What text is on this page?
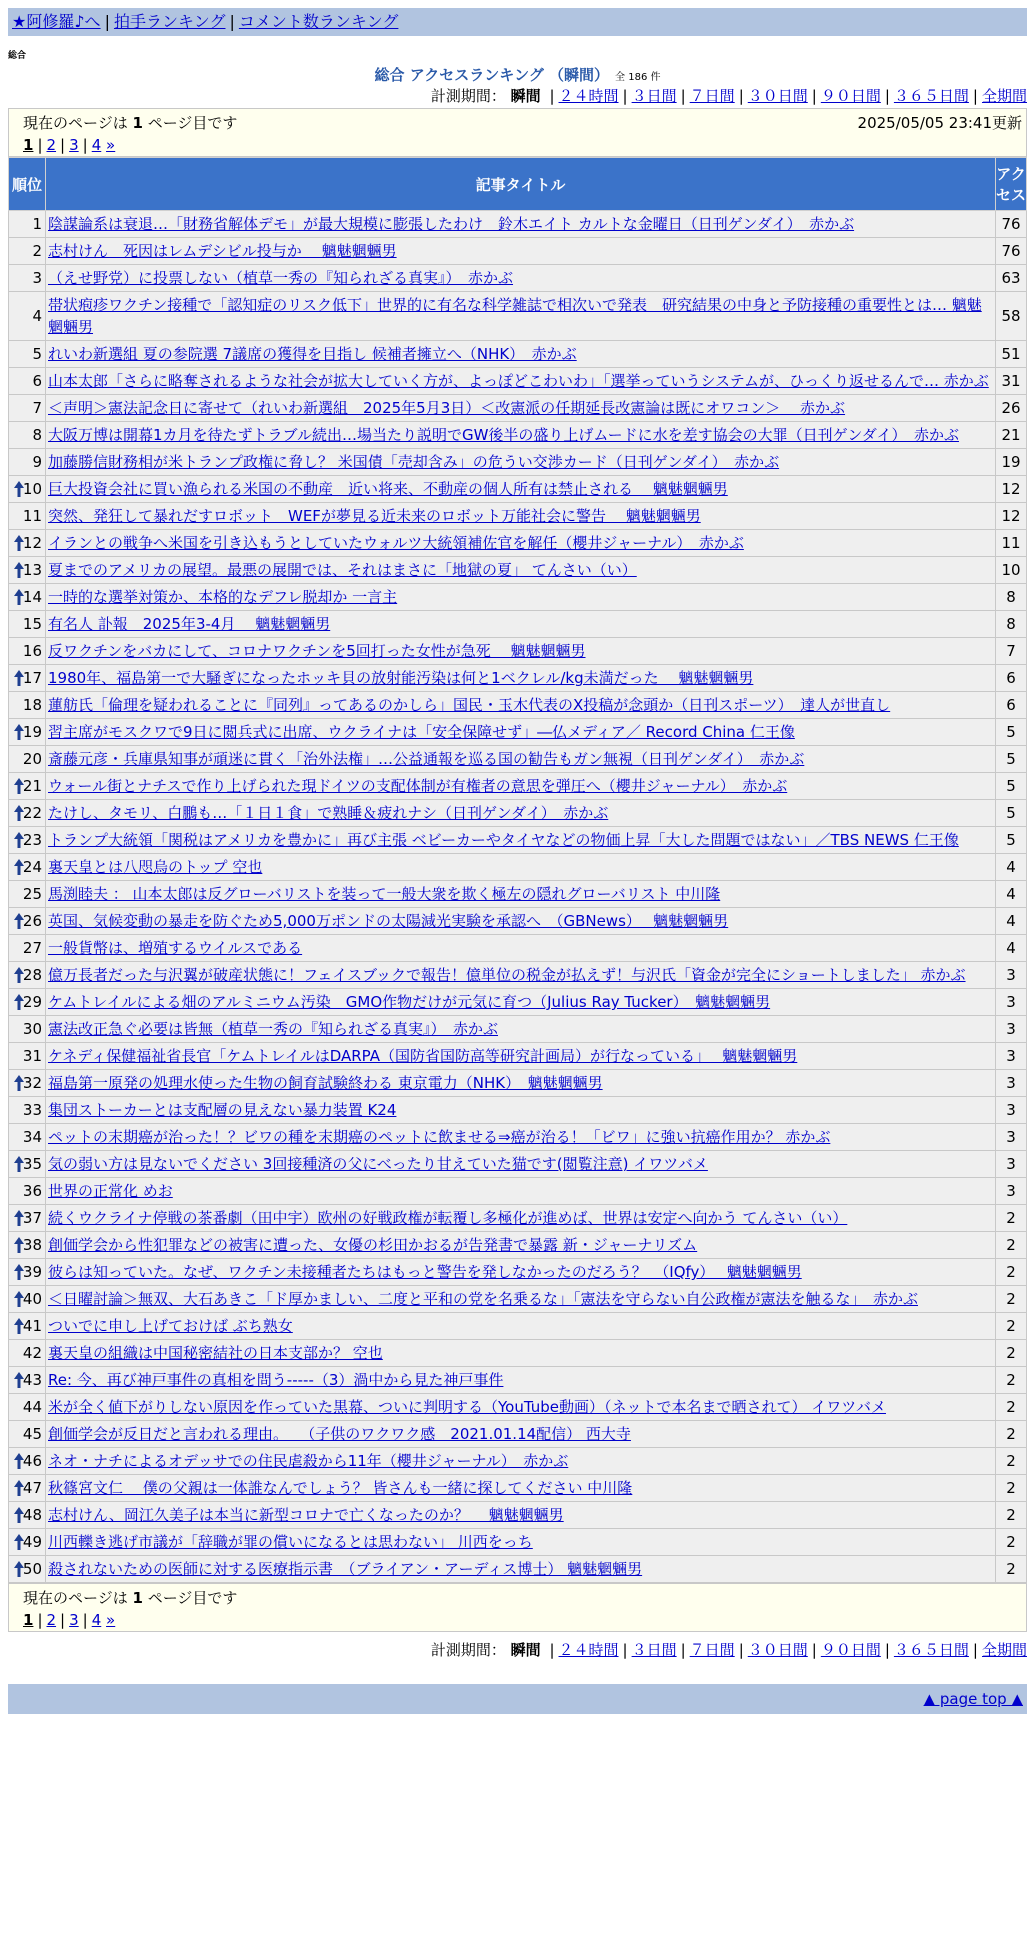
★阿修羅♪へ | 拍手ランキング | コメント数ランキング
総合
総合 アクセスランキング （瞬間） 全 186 件
計測期間： 瞬間 | ２４時間 | ３日間 | ７日間 | ３０日間 | ９０日間 | ３６５日間 | 全期間
現在のページは 1 ページ目です	2025/05/05 23:41更新
1 | 2 | 3 | 4 »
順位	記事タイトル	アクセス
1	陰謀論系は衰退…「財務省解体デモ」が最大規模に膨張したわけ　鈴木エイト カルトな金曜日（日刊ゲンダイ）　赤かぶ	76
2	志村けん　死因はレムデシビル投与か　 魑魅魍魎男	76
3	（えせ野党）に投票しない（植草一秀の『知られざる真実』）　赤かぶ	63
4	帯状疱疹ワクチン接種で「認知症のリスク低下」世界的に有名な科学雑誌で相次いで発表　研究結果の中身と予防接種の重要性とは… 魑魅魍魎男	58
5	れいわ新選組 夏の参院選 7議席の獲得を目指し 候補者擁立へ（NHK）　赤かぶ	51
6	山本太郎「さらに略奪されるような社会が拡大していく方が、よっぽどこわいわ」「選挙っていうシステムが、ひっくり返せるんで… 赤かぶ	31
7	＜声明＞憲法記念日に寄せて（れいわ新選組　2025年5月3日）＜改憲派の任期延長改憲論は既にオワコン＞　 赤かぶ	26
8	大阪万博は開幕1カ月を待たずトラブル続出…場当たり説明でGW後半の盛り上げムードに水を差す協会の大罪（日刊ゲンダイ）　赤かぶ	21
9	加藤勝信財務相が米トランプ政権に脅し？ 米国債「売却含み」の危うい交渉カード（日刊ゲンダイ）　赤かぶ	19

10	巨大投資会社に買い漁られる米国の不動産　近い将来、不動産の個人所有は禁止される　 魑魅魍魎男	12
11	突然、発狂して暴れだすロボット　WEFが夢見る近未来のロボット万能社会に警告　 魑魅魍魎男	12

12	イランとの戦争へ米国を引き込もうとしていたウォルツ大統領補佐官を解任（櫻井ジャーナル）　赤かぶ	11

13	夏までのアメリカの展望。最悪の展開では、それはまさに「地獄の夏」 てんさい（い）	10

14	一時的な選挙対策か、本格的なデフレ脱却か 一言主	8
15	有名人 訃報　2025年3-4月　 魑魅魍魎男	8
16	反ワクチンをバカにして、コロナワクチンを5回打った女性が急死　 魑魅魍魎男	7

17	1980年、福島第一で大騒ぎになったホッキ貝の放射能汚染は何と1ベクレル/kg未満だった　 魑魅魍魎男	6
18	蓮舫氏「倫理を疑われることに『同列』ってあるのかしら」国民・玉木代表のX投稿が念頭か（日刊スポーツ）　達人が世直し	6

19	習主席がモスクワで9日に閲兵式に出席、ウクライナは「安全保障せず」―仏メディア／ Record China 仁王像	5
20	斎藤元彦・兵庫県知事が頑迷に貫く「治外法権」…公益通報を巡る国の勧告もガン無視（日刊ゲンダイ）　赤かぶ	5

21	ウォール街とナチスで作り上げられた現ドイツの支配体制が有権者の意思を弾圧へ（櫻井ジャーナル）　赤かぶ	5

22	たけし、タモリ、白鵬も…「１日１食」で熟睡＆疲れナシ（日刊ゲンダイ）　赤かぶ	5

23	トランプ大統領「関税はアメリカを豊かに」再び主張 ベビーカーやタイヤなどの物価上昇「大した問題ではない」／TBS NEWS 仁王像	5

24	裏天皇とは八咫烏のトップ 空也	4
25	馬渕睦夫 ： 山本太郎は反グローバリストを装って一般大衆を欺く極左の隠れグローバリスト 中川隆	4

26	英国、気候変動の暴走を防ぐため5,000万ポンドの太陽減光実験を承認へ　（GBNews）　 魑魅魍魎男	4
27	一般貨幣は、増殖するウイルスである	4

28	億万長者だった与沢翼が破産状態に！フェイスブックで報告！億単位の税金が払えず！与沢氏「資金が完全にショートしました」 赤かぶ	3

29	ケムトレイルによる畑のアルミニウム汚染　GMO作物だけが元気に育つ（Julius Ray Tucker）　魑魅魍魎男	3
30	憲法改正急ぐ必要は皆無（植草一秀の『知られざる真実』）　赤かぶ	3
31	ケネディ保健福祉省長官「ケムトレイルはDARPA（国防省国防高等研究計画局）が行なっている」　 魑魅魍魎男	3

32	福島第一原発の処理水使った生物の飼育試験終わる 東京電力（NHK）　魑魅魍魎男	3
33	集団ストーカーとは支配層の見えない暴力装置 K24	3
34	ペットの末期癌が治った！？ビワの種を末期癌のペットに飲ませる⇒癌が治る！「ビワ」に強い抗癌作用か？ 赤かぶ	3

35	気の弱い方は見ないでください 3回接種済の父にべったり甘えていた猫です(閲覧注意) イワツバメ	3
36	世界の正常化 めお	3

37	続くウクライナ停戦の茶番劇（田中宇）欧州の好戦政権が転覆し多極化が進めば、世界は安定へ向かう てんさい（い）	2

38	創価学会から性犯罪などの被害に遭った、女優の杉田かおるが告発書で暴露 新・ジャーナリズム	2

39	彼らは知っていた。なぜ、ワクチン未接種者たちはもっと警告を発しなかったのだろう？　（IQfy）　 魑魅魍魎男	2

40	＜日曜討論＞無双、大石あきこ「ド厚かましい、二度と平和の党を名乗るな」「憲法を守らない自公政権が憲法を触るな」　赤かぶ	2

41	ついでに申し上げておけば ぶち熟女	2
42	裏天皇の組織は中国秘密結社の日本支部か？ 空也	2

43	Re: 今、再び神戸事件の真相を問う-----（3）渦中から見た神戸事件	2
44	米が全く値下がりしない原因を作っていた黒幕、ついに判明する（YouTube動画）（ネットで本名まで晒されて） イワツバメ	2
45	創価学会が反日だと言われる理由。　 （子供のワクワク感　2021.01.14配信） 西大寺	2

46	ネオ・ナチによるオデッサでの住民虐殺から11年（櫻井ジャーナル）　赤かぶ	2

47	秋篠宮文仁　 僕の父親は一体誰なんでしょう？ 皆さんも一緒に探してください 中川隆	2

48	志村けん、岡江久美子は本当に新型コロナで亡くなったのか？　 魑魅魍魎男	2

49	川西轢き逃げ市議が「辞職が罪の償いになるとは思わない」 川西をっち	2

50	殺されないための医師に対する医療指示書　（ブライアン・アーディス博士） 魑魅魍魎男	2
現在のページは 1 ページ目です
1 | 2 | 3 | 4 »
計測期間： 瞬間 | ２４時間 | ３日間 | ７日間 | ３０日間 | ９０日間 | ３６５日間 | 全期間
▲ page top ▲
